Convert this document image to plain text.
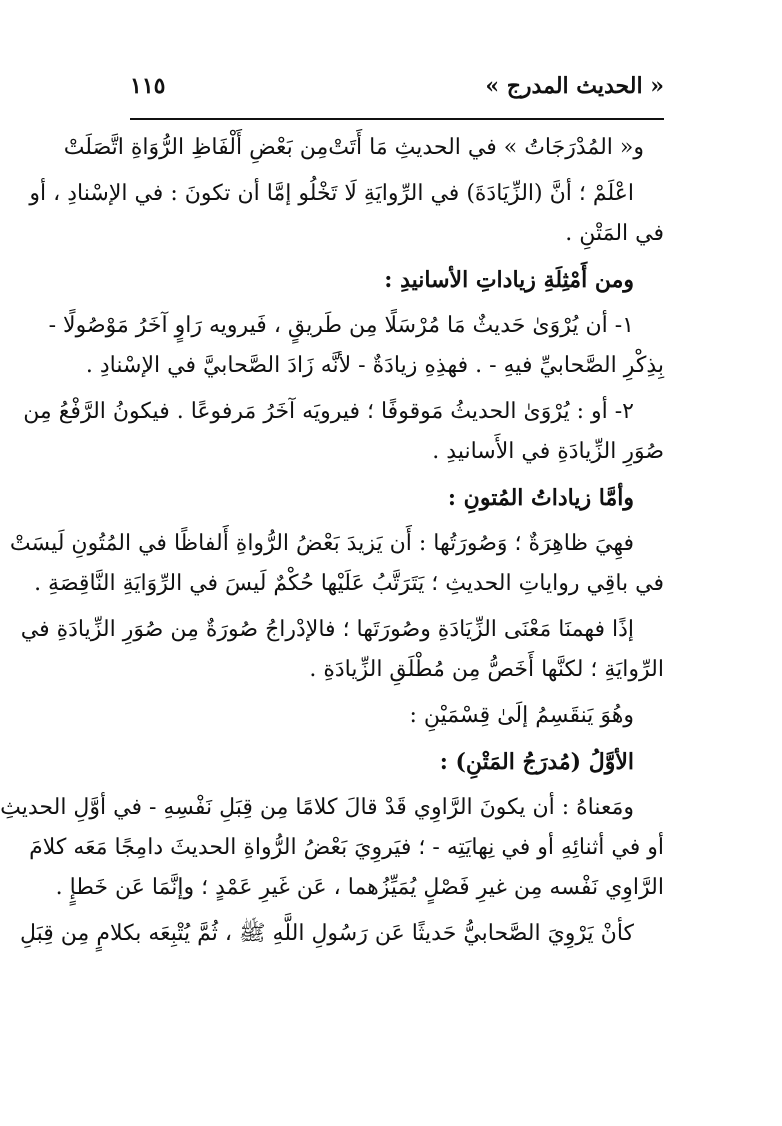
« الحديث المدرج »
١١٥
و« المُدْرَجَاتُ » في الحديثِ مَا أَتَتْ
مِن بَعْضِ أَلْفَاظِ الرُّوَاةِ اتَّصَلَتْ
اعْلَمْ ؛ أنَّ (الزِّيَادَةَ) في الرِّوايَةِ لَا تَخْلُو إمَّا أن تكونَ : في الإسْنادِ ، أو
في المَتْنِ .
ومن أَمْثِلَةِ زياداتِ الأسانيدِ :
١- أن يُرْوَىٰ حَديثٌ مَا مُرْسَلًا مِن طَريقٍ ، فَيرويه رَاوٍ آخَرُ مَوْصُولًا -
بِذِكْرِ الصَّحابيِّ فيهِ - . فهذِهِ زيادَةٌ - لأنَّه زَادَ الصَّحابيَّ في الإسْنادِ .
٢- أو : يُرْوَىٰ الحديثُ مَوقوفًا ؛ فيرويَه آخَرُ مَرفوعًا . فيكونُ الرَّفْعُ مِن
صُوَرِ الزِّيادَةِ في الأَسانيدِ .
وأمَّا زياداتُ المُتونِ :
فهِيَ ظاهِرَةٌ ؛ وَصُورَتُها : أَن يَزيدَ بَعْضُ الرُّواةِ أَلفاظًا في المُتُونِ لَيسَتْ
في باقِي رواياتِ الحديثِ ؛ يَتَرَتَّبُ عَلَيْها حُكْمٌ لَيسَ في الرِّوَايَةِ النَّاقِصَةِ .
إذًا فهمنَا مَعْنَى الزِّيَادَةِ وصُورَتَها ؛ فالإدْراجُ صُورَةٌ مِن صُوَرِ الزِّيادَةِ في
الرِّوايَةِ ؛ لكنَّها أَخَصُّ مِن مُطْلَقِ الزِّيادَةِ .
وهُوَ يَنقَسِمُ إلَىٰ قِسْمَيْنِ :
الأوَّلُ (مُدرَجُ المَتْنِ) :
ومَعناهُ : أن يكونَ الرَّاوِي قَدْ قالَ كلامًا مِن قِبَلِ نَفْسِهِ - في أوَّلِ الحديثِ
أو في أثنائِهِ أو في نِهايَتِه - ؛ فيَروِيَ بَعْضُ الرُّواةِ الحديثَ دامِجًا مَعَه كلامَ
الرَّاوِي نَفْسه مِن غيرِ فَصْلٍ يُمَيِّزُهما ، عَن غَيرِ عَمْدٍ ؛ وإنَّمَا عَن خَطإٍ .
كأنْ يَرْوِيَ الصَّحابيُّ حَديثًا عَن رَسُولِ اللَّهِ ﷺ ، ثُمَّ يُتْبِعَه بكلامٍ مِن قِبَلِ
